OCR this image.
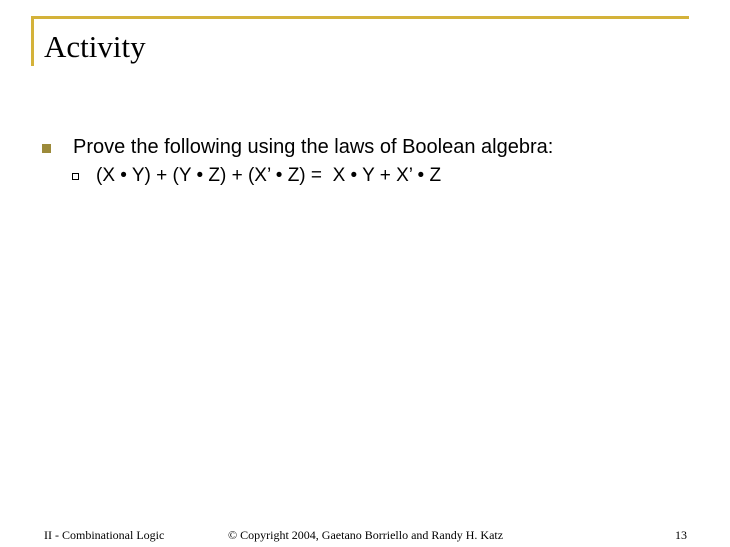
Activity
Prove the following using the laws of Boolean algebra:
(X • Y) + (Y • Z) + (X’ • Z) =  X • Y + X’ • Z
II - Combinational Logic	© Copyright 2004, Gaetano Borriello and Randy H. Katz	13
